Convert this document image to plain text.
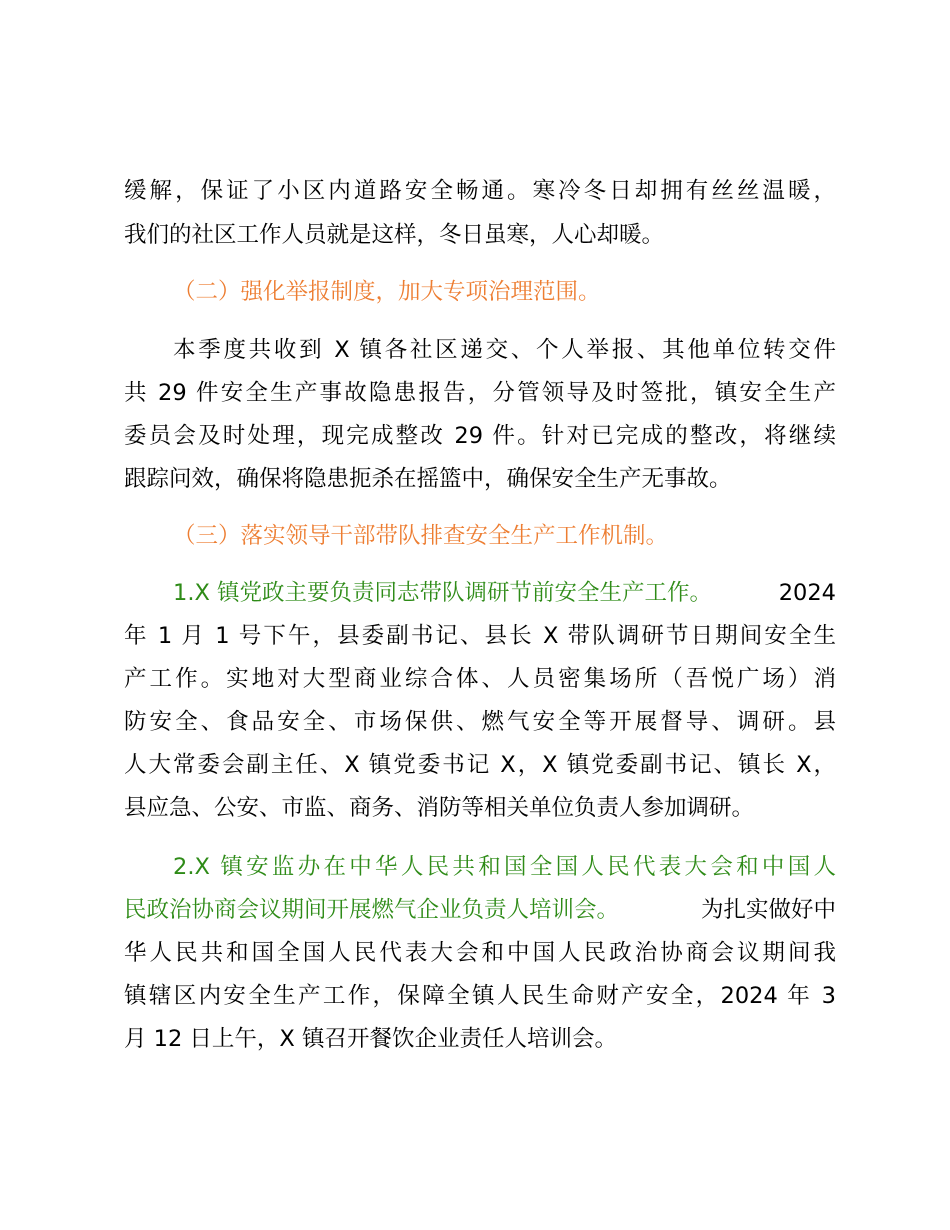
缓解，保证了小区内道路安全畅通。寒冷冬日却拥有丝丝温暖，
我们的社区工作人员就是这样，冬日虽寒，人心却暖。
（二）强化举报制度，加大专项治理范围。
本季度共收到 X 镇各社区递交、个人举报、其他单位转交件
共 29 件安全生产事故隐患报告，分管领导及时签批，镇安全生产
委员会及时处理，现完成整改 29 件。针对已完成的整改，将继续
跟踪问效，确保将隐患扼杀在摇篮中，确保安全生产无事故。
（三）落实领导干部带队排查安全生产工作机制。
1.X 镇党政主要负责同志带队调研节前安全生产工作。	2024
年 1 月 1 号下午，县委副书记、县长 X 带队调研节日期间安全生
产工作。实地对大型商业综合体、人员密集场所（吾悦广场）消
防安全、食品安全、市场保供、燃气安全等开展督导、调研。县
人大常委会副主任、X 镇党委书记 X，X 镇党委副书记、镇长 X，
县应急、公安、市监、商务、消防等相关单位负责人参加调研。
2.X 镇安监办在中华人民共和国全国人民代表大会和中国人
民政治协商会议期间开展燃气企业负责人培训会。	为扎实做好中
华人民共和国全国人民代表大会和中国人民政治协商会议期间我
镇辖区内安全生产工作，保障全镇人民生命财产安全，2024 年 3
月 12 日上午，X 镇召开餐饮企业责任人培训会。
